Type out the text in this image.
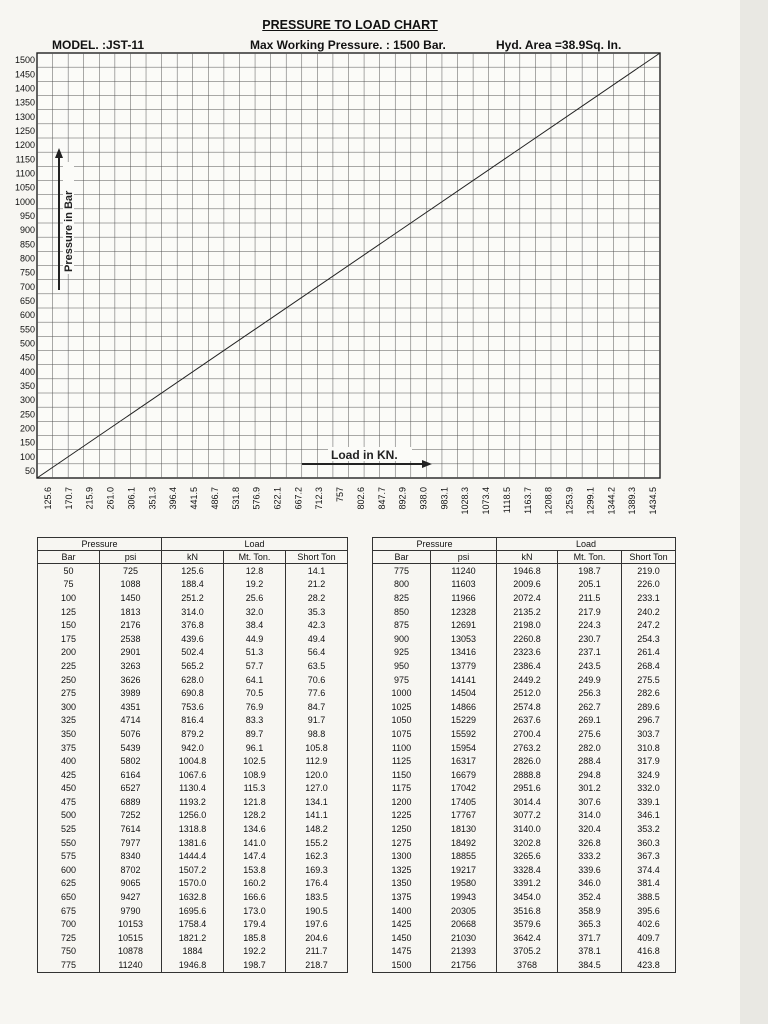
PRESSURE TO LOAD CHART
MODEL. :JST-11	Max Working Pressure. : 1500 Bar.	Hyd. Area =38.9Sq. In.
50
100
150
200
250
300
350
400
450
500
550
600
650
700
750
800
850
900
950
1000
1050
1100
1150
1200
1250
1300
1350
1400
1450
1500
125.6 170.7 215.9 261.0 306.1 351.3 396.4 441.5 486.7 531.8 576.9 622.1 667.2 712.3 757 802.6 847.7 892.9 938.0 983.1 1028.3 1073.4 1118.5 1163.7 1208.8 1253.9 1299.1 1344.2 1389.3 1434.5
Pressure in Bar
Load in KN.
Pressure		Load		
Bar	psi	kN	Mt. Ton.	Short Ton
50	725	125.6	12.8	14.1
75	1088	188.4	19.2	21.2
100	1450	251.2	25.6	28.2
125	1813	314.0	32.0	35.3
150	2176	376.8	38.4	42.3
175	2538	439.6	44.9	49.4
200	2901	502.4	51.3	56.4
225	3263	565.2	57.7	63.5
250	3626	628.0	64.1	70.6
275	3989	690.8	70.5	77.6
300	4351	753.6	76.9	84.7
325	4714	816.4	83.3	91.7
350	5076	879.2	89.7	98.8
375	5439	942.0	96.1	105.8
400	5802	1004.8	102.5	112.9
425	6164	1067.6	108.9	120.0
450	6527	1130.4	115.3	127.0
475	6889	1193.2	121.8	134.1
500	7252	1256.0	128.2	141.1
525	7614	1318.8	134.6	148.2
550	7977	1381.6	141.0	155.2
575	8340	1444.4	147.4	162.3
600	8702	1507.2	153.8	169.3
625	9065	1570.0	160.2	176.4
650	9427	1632.8	166.6	183.5
675	9790	1695.6	173.0	190.5
700	10153	1758.4	179.4	197.6
725	10515	1821.2	185.8	204.6
750	10878	1884	192.2	211.7
775	11240	1946.8	198.7	218.7
Pressure		Load		
Bar	psi	kN	Mt. Ton.	Short Ton
775	11240	1946.8	198.7	219.0
800	11603	2009.6	205.1	226.0
825	11966	2072.4	211.5	233.1
850	12328	2135.2	217.9	240.2
875	12691	2198.0	224.3	247.2
900	13053	2260.8	230.7	254.3
925	13416	2323.6	237.1	261.4
950	13779	2386.4	243.5	268.4
975	14141	2449.2	249.9	275.5
1000	14504	2512.0	256.3	282.6
1025	14866	2574.8	262.7	289.6
1050	15229	2637.6	269.1	296.7
1075	15592	2700.4	275.6	303.7
1100	15954	2763.2	282.0	310.8
1125	16317	2826.0	288.4	317.9
1150	16679	2888.8	294.8	324.9
1175	17042	2951.6	301.2	332.0
1200	17405	3014.4	307.6	339.1
1225	17767	3077.2	314.0	346.1
1250	18130	3140.0	320.4	353.2
1275	18492	3202.8	326.8	360.3
1300	18855	3265.6	333.2	367.3
1325	19217	3328.4	339.6	374.4
1350	19580	3391.2	346.0	381.4
1375	19943	3454.0	352.4	388.5
1400	20305	3516.8	358.9	395.6
1425	20668	3579.6	365.3	402.6
1450	21030	3642.4	371.7	409.7
1475	21393	3705.2	378.1	416.8
1500	21756	3768	384.5	423.8
